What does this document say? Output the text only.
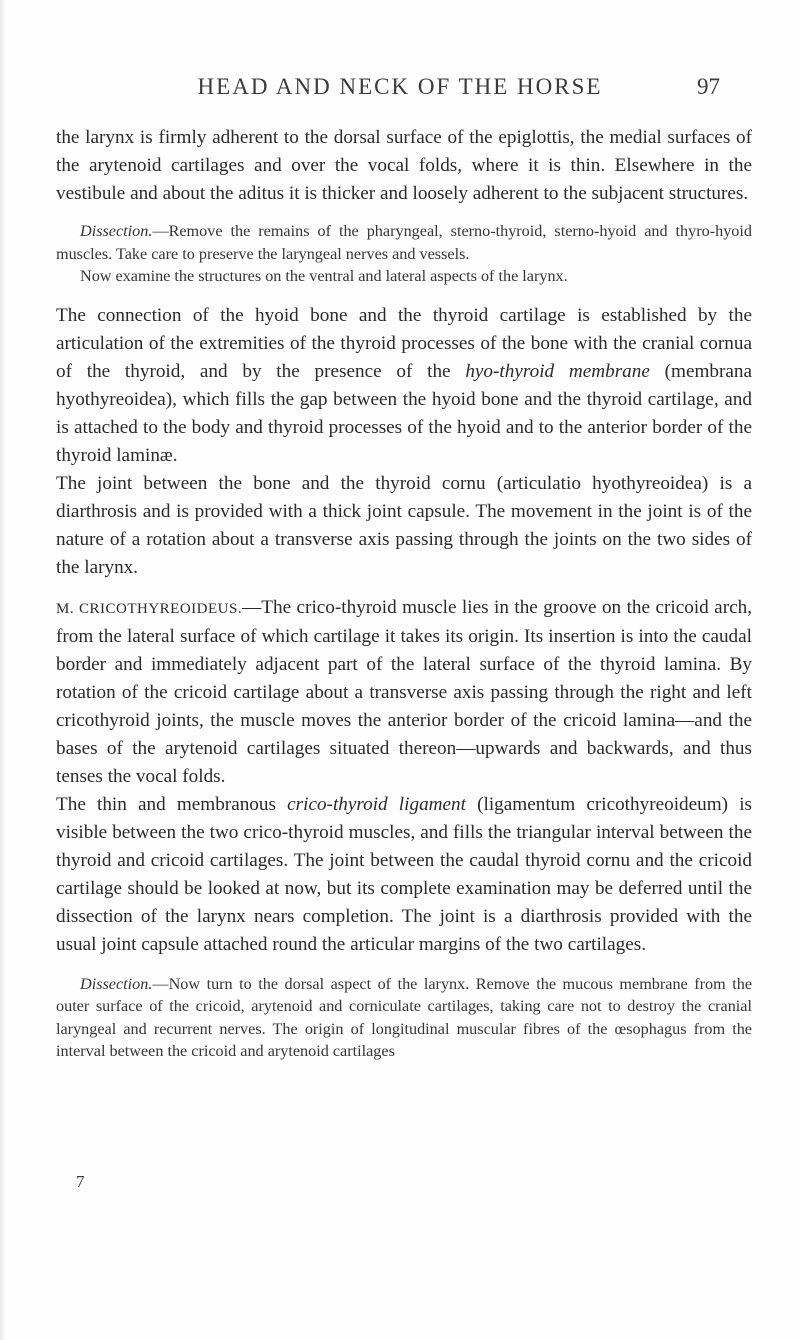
HEAD AND NECK OF THE HORSE	97

the larynx is firmly adherent to the dorsal surface of the epiglottis, the medial surfaces of the arytenoid cartilages and over the vocal folds, where it is thin. Elsewhere in the vestibule and about the aditus it is thicker and loosely adherent to the subjacent structures.

Dissection.—Remove the remains of the pharyngeal, sterno-thyroid, sterno-hyoid and thyro-hyoid muscles. Take care to preserve the laryngeal nerves and vessels.

Now examine the structures on the ventral and lateral aspects of the larynx.

The connection of the hyoid bone and the thyroid cartilage is established by the articulation of the extremities of the thyroid processes of the bone with the cranial cornua of the thyroid, and by the presence of the hyo-thyroid membrane (membrana hyothyreoidea), which fills the gap between the hyoid bone and the thyroid cartilage, and is attached to the body and thyroid processes of the hyoid and to the anterior border of the thyroid laminæ.

The joint between the bone and the thyroid cornu (articulatio hyothyreoidea) is a diarthrosis and is provided with a thick joint capsule. The movement in the joint is of the nature of a rotation about a transverse axis passing through the joints on the two sides of the larynx.

M. CRICOTHYREOIDEUS.—The crico-thyroid muscle lies in the groove on the cricoid arch, from the lateral surface of which cartilage it takes its origin. Its insertion is into the caudal border and immediately adjacent part of the lateral surface of the thyroid lamina. By rotation of the cricoid cartilage about a transverse axis passing through the right and left cricothyroid joints, the muscle moves the anterior border of the cricoid lamina—and the bases of the arytenoid cartilages situated thereon—upwards and backwards, and thus tenses the vocal folds.

The thin and membranous crico-thyroid ligament (ligamentum cricothyreoideum) is visible between the two crico-thyroid muscles, and fills the triangular interval between the thyroid and cricoid cartilages. The joint between the caudal thyroid cornu and the cricoid cartilage should be looked at now, but its complete examination may be deferred until the dissection of the larynx nears completion. The joint is a diarthrosis provided with the usual joint capsule attached round the articular margins of the two cartilages.

Dissection.—Now turn to the dorsal aspect of the larynx. Remove the mucous membrane from the outer surface of the cricoid, arytenoid and corniculate cartilages, taking care not to destroy the cranial laryngeal and recurrent nerves. The origin of longitudinal muscular fibres of the œsophagus from the interval between the cricoid and arytenoid cartilages

7
